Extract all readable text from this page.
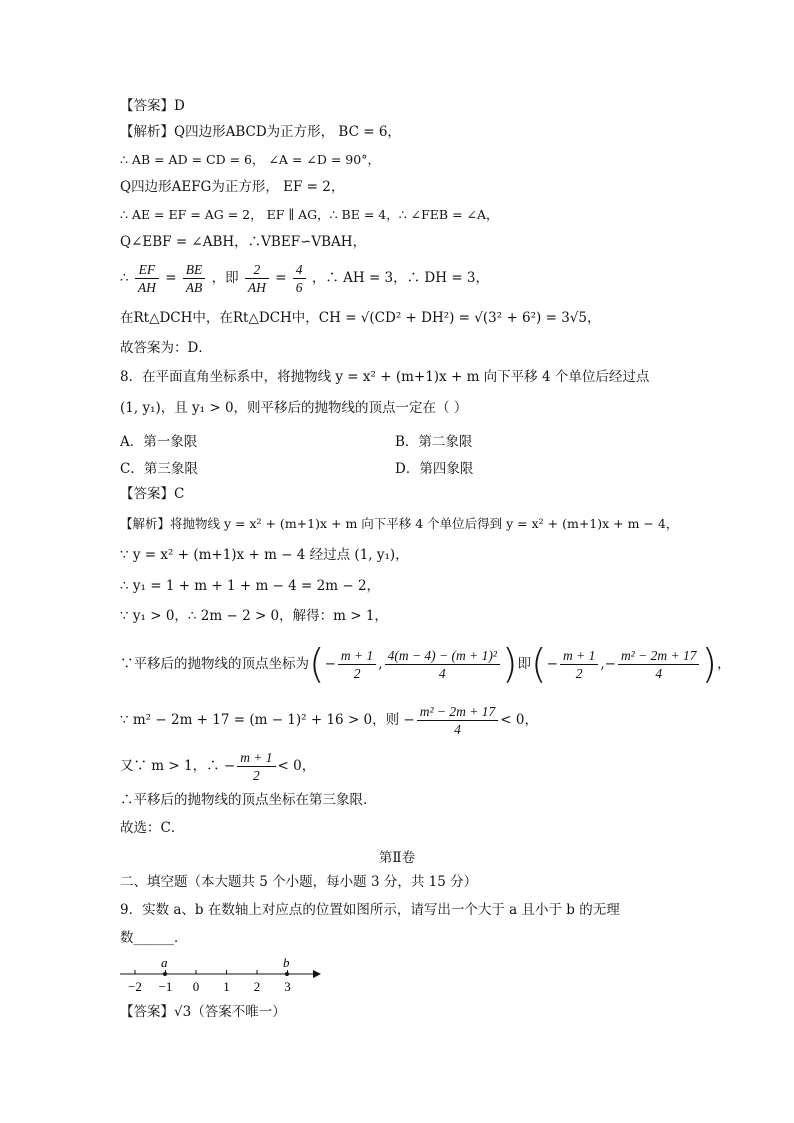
【答案】D
【解析】Q四边形ABCD为正方形， BC = 6，
∴ AB = AD = CD = 6， ∠A = ∠D = 90°，
Q四边形AEFG为正方形， EF = 2，
∴ AE = EF = AG = 2， EF ∥ AG，∴ BE = 4，∴ ∠FEB = ∠A，
Q∠EBF = ∠ABH，∴VBEF∽VBAH，
∴ $\frac{EF}{AH} = \frac{BE}{AB}$ ，即 $\frac{2}{AH} = \frac{4}{6}$ ，∴ AH = 3，∴ DH = 3，
在Rt△DCH中，在Rt△DCH中，CH = √(CD² + DH²) = √(3² + 6²) = 3√5，
故答案为：D．
8．在平面直角坐标系中，将抛物线 y = x² + (m+1)x + m 向下平移 4 个单位后经过点
(1, y₁)，且 y₁ > 0，则平移后的抛物线的顶点一定在（ ）
A．第一象限	B．第二象限
C．第三象限	D．第四象限
【答案】C
【解析】将抛物线 y = x² + (m+1)x + m 向下平移 4 个单位后得到 y = x² + (m+1)x + m − 4，
∵ y = x² + (m+1)x + m − 4 经过点 (1, y₁)，
∴ y₁ = 1 + m + 1 + m − 4 = 2m − 2，
∵ y₁ > 0，∴ 2m − 2 > 0，解得：m > 1，
∵平移后的抛物线的顶点坐标为(− $\frac{m + 1}{2}$ , $\frac{\text{4(m − 4) − (m + 1)²}}{4}$ )即(− $\frac{m + 1}{2}$ ,− $\frac{\text{m² − 2m + 17}}{4}$ )，
∵ m² − 2m + 17 = (m − 1)² + 16 > 0，则 − $\frac{\text{m² − 2m + 17}}{4} < 0$，
又∵ m > 1，∴ − $\frac{m + 1}{2} < 0$，
∴平移后的抛物线的顶点坐标在第三象限.
故选：C．
第Ⅱ卷
二、填空题（本大题共 5 个小题，每小题 3 分，共 15 分）
9．实数 a、b 在数轴上对应点的位置如图所示，请写出一个大于 a 且小于 b 的无理
数______．
−2 −1 0 1 2 3
a	b
【答案】√3（答案不唯一）
